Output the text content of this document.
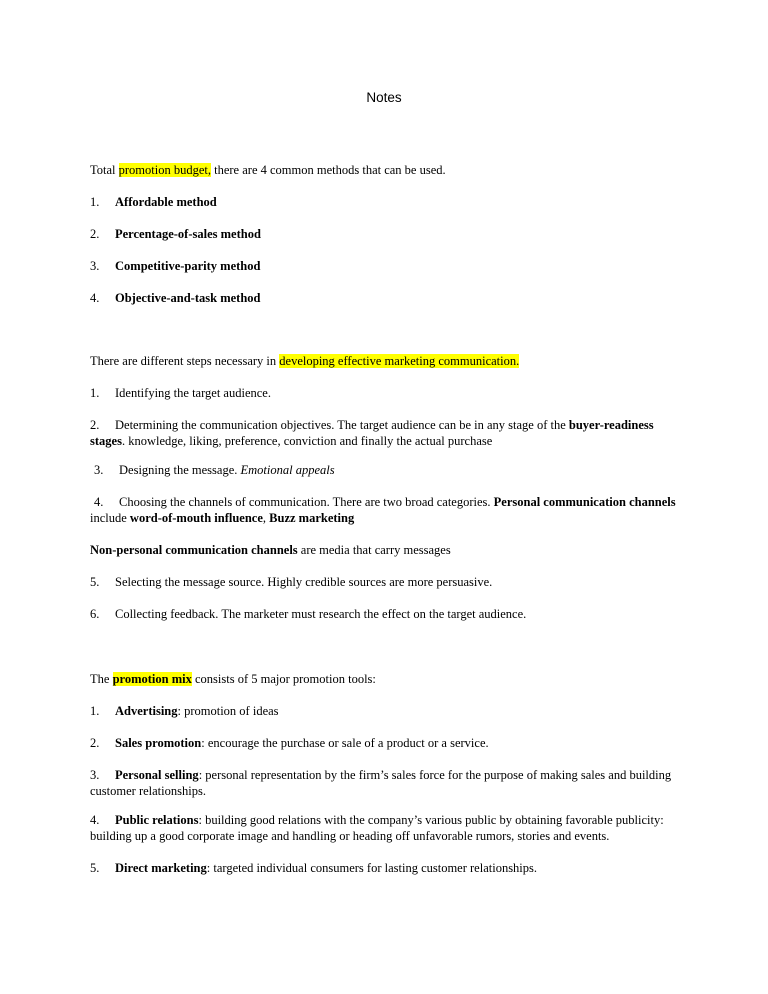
Notes

Total promotion budget, there are 4 common methods that can be used.

1. Affordable method

2. Percentage-of-sales method

3. Competitive-parity method

4. Objective-and-task method

There are different steps necessary in developing effective marketing communication.

1. Identifying the target audience.

2. Determining the communication objectives. The target audience can be in any stage of the buyer-readiness stages. knowledge, liking, preference, conviction and finally the actual purchase

3. Designing the message. Emotional appeals

4. Choosing the channels of communication. There are two broad categories. Personal communication channels include word-of-mouth influence, Buzz marketing

Non-personal communication channels are media that carry messages

5. Selecting the message source. Highly credible sources are more persuasive.

6. Collecting feedback. The marketer must research the effect on the target audience.

The promotion mix consists of 5 major promotion tools:

1. Advertising: promotion of ideas

2. Sales promotion: encourage the purchase or sale of a product or a service.

3. Personal selling: personal representation by the firm’s sales force for the purpose of making sales and building customer relationships.

4. Public relations: building good relations with the company’s various public by obtaining favorable publicity: building up a good corporate image and handling or heading off unfavorable rumors, stories and events.

5. Direct marketing: targeted individual consumers for lasting customer relationships.
